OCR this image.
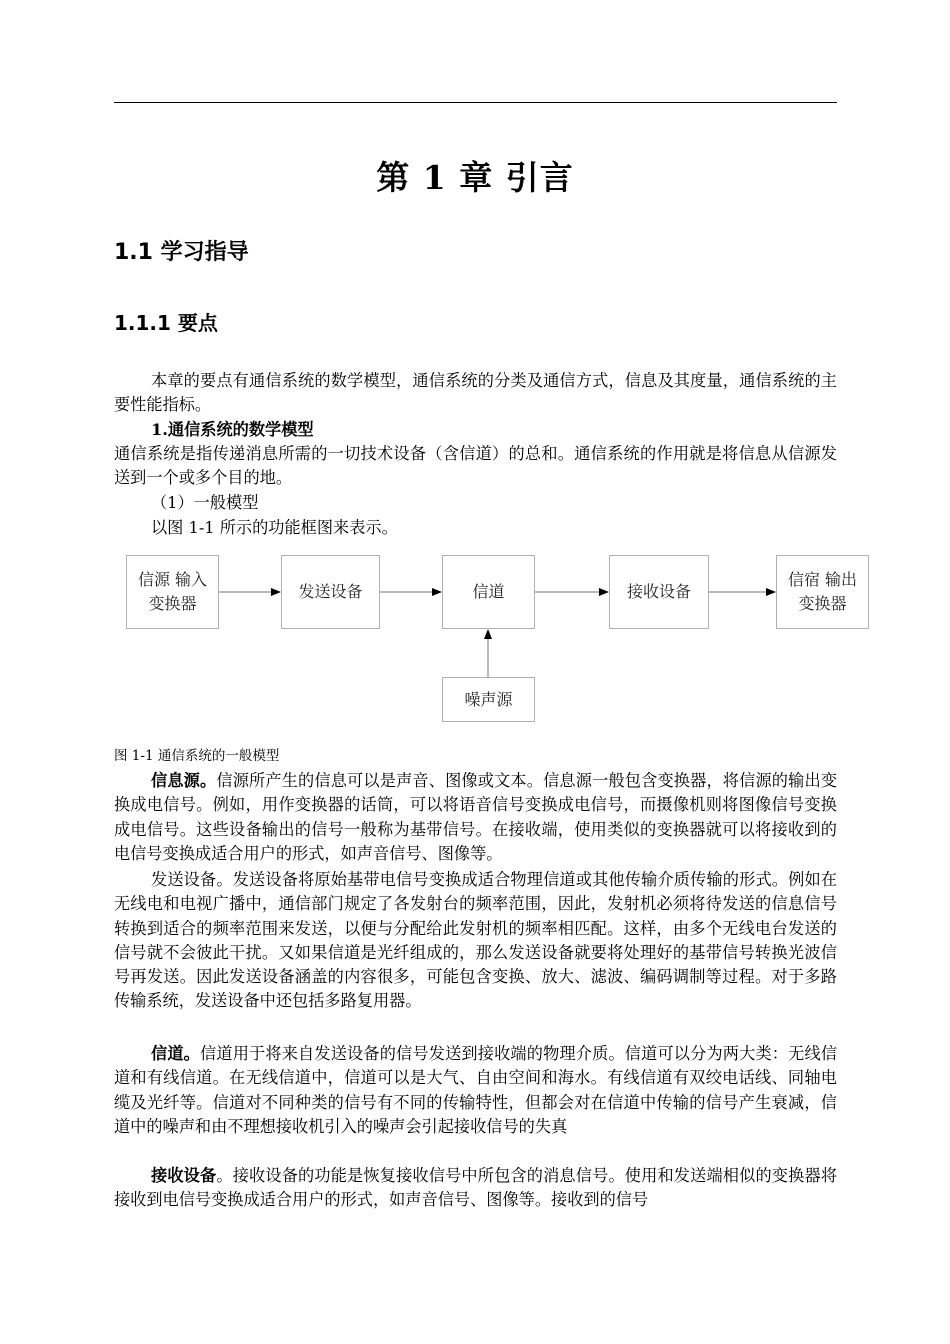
第 1 章 引言
1.1 学习指导
1.1.1 要点
本章的要点有通信系统的数学模型，通信系统的分类及通信方式，信息及其度量，通信系统的主要性能指标。
1.通信系统的数学模型
通信系统是指传递消息所需的一切技术设备（含信道）的总和。通信系统的作用就是将信息从信源发送到一个或多个目的地。
（1）一般模型
以图 1-1 所示的功能框图来表示。
信源 输入变换器
发送设备	信道	接收设备
信宿 输出变换器
噪声源
图 1-1 通信系统的一般模型
信息源。信源所产生的信息可以是声音、图像或文本。信息源一般包含变换器，将信源的输出变换成电信号。例如，用作变换器的话筒，可以将语音信号变换成电信号，而摄像机则将图像信号变换成电信号。这些设备输出的信号一般称为基带信号。在接收端，使用类似的变换器就可以将接收到的电信号变换成适合用户的形式，如声音信号、图像等。
发送设备。发送设备将原始基带电信号变换成适合物理信道或其他传输介质传输的形式。例如在无线电和电视广播中，通信部门规定了各发射台的频率范围，因此，发射机必须将待发送的信息信号转换到适合的频率范围来发送，以便与分配给此发射机的频率相匹配。这样，由多个无线电台发送的信号就不会彼此干扰。又如果信道是光纤组成的，那么发送设备就要将处理好的基带信号转换光波信号再发送。因此发送设备涵盖的内容很多，可能包含变换、放大、滤波、编码调制等过程。对于多路传输系统，发送设备中还包括多路复用器。
信道。信道用于将来自发送设备的信号发送到接收端的物理介质。信道可以分为两大类：无线信道和有线信道。在无线信道中，信道可以是大气、自由空间和海水。有线信道有双绞电话线、同轴电缆及光纤等。信道对不同种类的信号有不同的传输特性，但都会对在信道中传输的信号产生衰减，信道中的噪声和由不理想接收机引入的噪声会引起接收信号的失真
接收设备。接收设备的功能是恢复接收信号中所包含的消息信号。使用和发送端相似的变换器将接收到电信号变换成适合用户的形式，如声音信号、图像等。接收到的信号
